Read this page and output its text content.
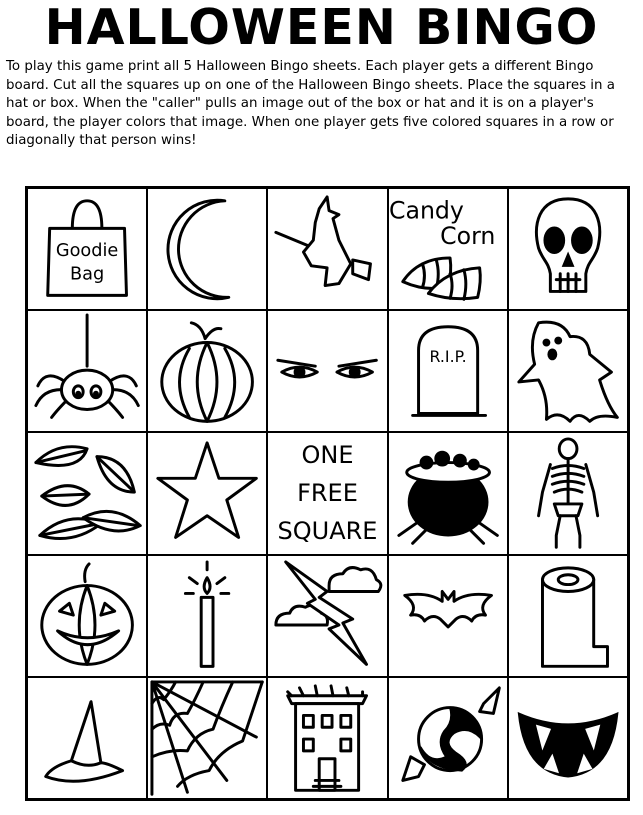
HALLOWEEN BINGO

To play this game print all 5 Halloween Bingo sheets. Each player gets a different Bingo board. Cut all the squares up on one of the Halloween Bingo sheets. Place the squares in a hat or box. When the "caller" pulls an image out of the box or hat and it is on a player's board, the player colors that image. When one player gets five colored squares in a row or diagonally that person wins!

Goodie
Bag
Candy
Corn
R.I.P.
ONE
FREE
SQUARE
